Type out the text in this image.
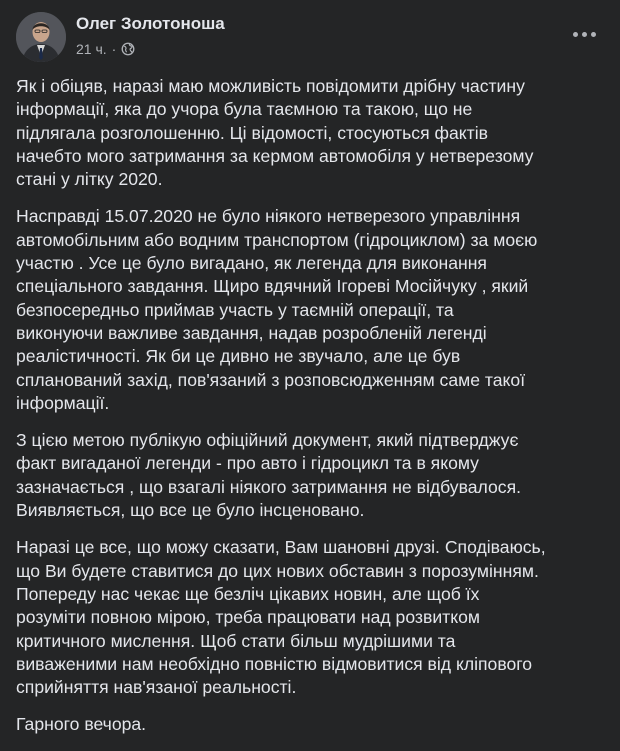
Олег Золотоноша
21 ч. ·

Як і обіцяв, наразі маю можливість повідомити дрібну частину
інформації, яка до учора була таємною та такою, що не
підлягала розголошенню. Ці відомості, стосуються фактів
начебто мого затримання за кермом автомобіля у нетверезому
стані у літку 2020.

Насправді 15.07.2020 не було ніякого нетверезого управління
автомобільним або водним транспортом (гідроциклом) за моєю
участю . Усе це було вигадано, як легенда для виконання
спеціального завдання. Щиро вдячний Ігореві Мосійчуку , який
безпосередньо приймав участь у таємній операції, та
виконуючи важливе завдання, надав розробленій легенді
реалістичності. Як би це дивно не звучало, але це був
спланований захід, пов'язаний з розповсюдженням саме такої
інформації.

З цією метою публікую офіційний документ, який підтверджує
факт вигаданої легенди - про авто і гідроцикл та в якому
зазначається , що взагалі ніякого затримання не відбувалося.
Виявляється, що все це було інсценовано.

Наразі це все, що можу сказати, Вам шановні друзі. Сподіваюсь,
що Ви будете ставитися до цих нових обставин з порозумінням.
Попереду нас чекає ще безліч цікавих новин, але щоб їх
розуміти повною мірою, треба працювати над розвитком
критичного мислення. Щоб стати більш мудрішими та
виваженими нам необхідно повністю відмовитися від кліпового
сприйняття нав'язаної реальності.

Гарного вечора.
